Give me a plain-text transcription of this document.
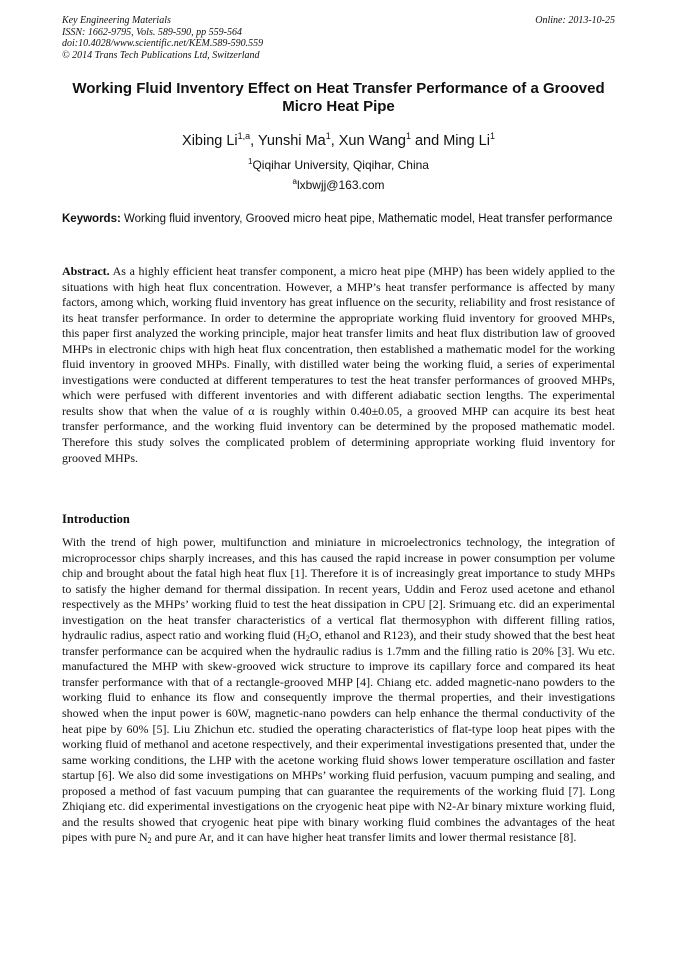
Key Engineering Materials
ISSN: 1662-9795, Vols. 589-590, pp 559-564
doi:10.4028/www.scientific.net/KEM.589-590.559
© 2014 Trans Tech Publications Ltd, Switzerland
Online: 2013-10-25
Working Fluid Inventory Effect on Heat Transfer Performance of a Grooved Micro Heat Pipe
Xibing Li$^{1,a}$, Yunshi Ma$^1$, Xun Wang$^1$ and Ming Li$^1$
$^1$Qiqihar University, Qiqihar, China
$^a$lxbwjj@163.com
Keywords: Working fluid inventory, Grooved micro heat pipe, Mathematic model, Heat transfer performance
Abstract. As a highly efficient heat transfer component, a micro heat pipe (MHP) has been widely applied to the situations with high heat flux concentration. However, a MHP’s heat transfer performance is affected by many factors, among which, working fluid inventory has great influence on the security, reliability and frost resistance of its heat transfer performance. In order to determine the appropriate working fluid inventory for grooved MHPs, this paper first analyzed the working principle, major heat transfer limits and heat flux distribution law of grooved MHPs in electronic chips with high heat flux concentration, then established a mathematic model for the working fluid inventory in grooved MHPs. Finally, with distilled water being the working fluid, a series of experimental investigations were conducted at different temperatures to test the heat transfer performances of grooved MHPs, which were perfused with different inventories and with different adiabatic section lengths. The experimental results show that when the value of α is roughly within 0.40±0.05, a grooved MHP can acquire its best heat transfer performance, and the working fluid inventory can be determined by the proposed mathematic model. Therefore this study solves the complicated problem of determining appropriate working fluid inventory for grooved MHPs.
Introduction
With the trend of high power, multifunction and miniature in microelectronics technology, the integration of microprocessor chips sharply increases, and this has caused the rapid increase in power consumption per volume chip and brought about the fatal high heat flux [1]. Therefore it is of increasingly great importance to study MHPs to satisfy the higher demand for thermal dissipation. In recent years, Uddin and Feroz used acetone and ethanol respectively as the MHPs’ working fluid to test the heat dissipation in CPU [2]. Srimuang etc. did an experimental investigation on the heat transfer characteristics of a vertical flat thermosyphon with different filling ratios, hydraulic radius, aspect ratio and working fluid ($H_2O$, ethanol and R123), and their study showed that the best heat transfer performance can be acquired when the hydraulic radius is 1.7mm and the filling ratio is 20% [3]. Wu etc. manufactured the MHP with skew-grooved wick structure to improve its capillary force and compared its heat transfer performance with that of a rectangle-grooved MHP [4]. Chiang etc. added magnetic-nano powders to the working fluid to enhance its flow and consequently improve the thermal properties, and their investigations showed when the input power is 60W, magnetic-nano powders can help enhance the thermal conductivity of the heat pipe by 60% [5]. Liu Zhichun etc. studied the operating characteristics of flat-type loop heat pipes with the working fluid of methanol and acetone respectively, and their experimental investigations presented that, under the same working conditions, the LHP with the acetone working fluid shows lower temperature oscillation and faster startup [6]. We also did some investigations on MHPs’ working fluid perfusion, vacuum pumping and sealing, and proposed a method of fast vacuum pumping that can guarantee the requirements of the working fluid [7]. Long Zhiqiang etc. did experimental investigations on the cryogenic heat pipe with N2-Ar binary mixture working fluid, and the results showed that cryogenic heat pipe with binary working fluid combines the advantages of the heat pipes with pure $N_2$ and pure Ar, and it can have higher heat transfer limits and lower thermal resistance [8].
